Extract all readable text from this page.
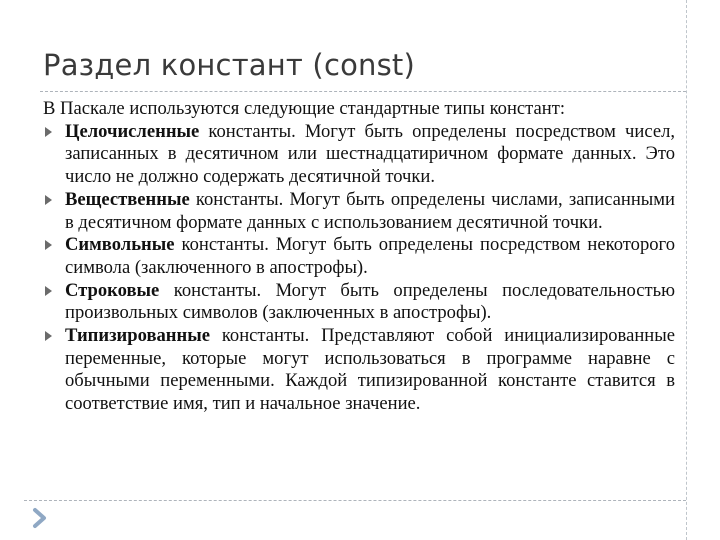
Раздел констант (const)

В Паскале используются следующие стандартные типы констант:

Целочисленные константы. Могут быть определены посредством чисел, записанных в десятичном или шестнадцатиричном формате данных. Это число не должно содержать десятичной точки.
Вещественные константы. Могут быть определены числами, записанными в десятичном формате данных с использованием десятичной точки.
Символьные константы. Могут быть определены посредством некоторого символа (заключенного в апострофы).
Строковые константы. Могут быть определены последовательностью произвольных символов (заключенных в апострофы).
Типизированные константы. Представляют собой инициализированные переменные, которые могут использоваться в программе наравне с обычными переменными. Каждой типизированной константе ставится в соответствие имя, тип и начальное значение.
